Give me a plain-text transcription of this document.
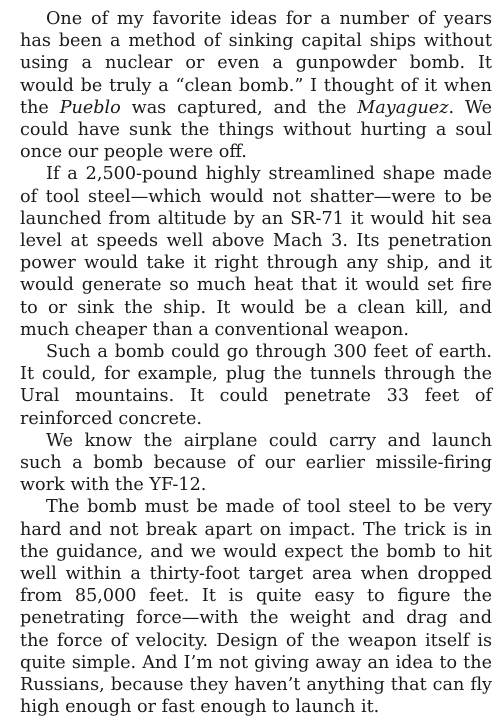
One of my favorite ideas for a number of years has been a method of sinking capital ships without using a nuclear or even a gunpowder bomb. It would be truly a “clean bomb.” I thought of it when the Pueblo was captured, and the Mayaguez. We could have sunk the things without hurting a soul once our people were off.

If a 2,500-pound highly streamlined shape made of tool steel—which would not shatter—were to be launched from altitude by an SR-71 it would hit sea level at speeds well above Mach 3. Its penetration power would take it right through any ship, and it would generate so much heat that it would set fire to or sink the ship. It would be a clean kill, and much cheaper than a conventional weapon.

Such a bomb could go through 300 feet of earth. It could, for example, plug the tunnels through the Ural mountains. It could penetrate 33 feet of reinforced concrete.

We know the airplane could carry and launch such a bomb because of our earlier missile-firing work with the YF-12.

The bomb must be made of tool steel to be very hard and not break apart on impact. The trick is in the guidance, and we would expect the bomb to hit well within a thirty-foot target area when dropped from 85,000 feet. It is quite easy to figure the penetrating force—with the weight and drag and the force of velocity. Design of the weapon itself is quite simple. And I’m not giving away an idea to the Russians, because they haven’t anything that can fly high enough or fast enough to launch it.
